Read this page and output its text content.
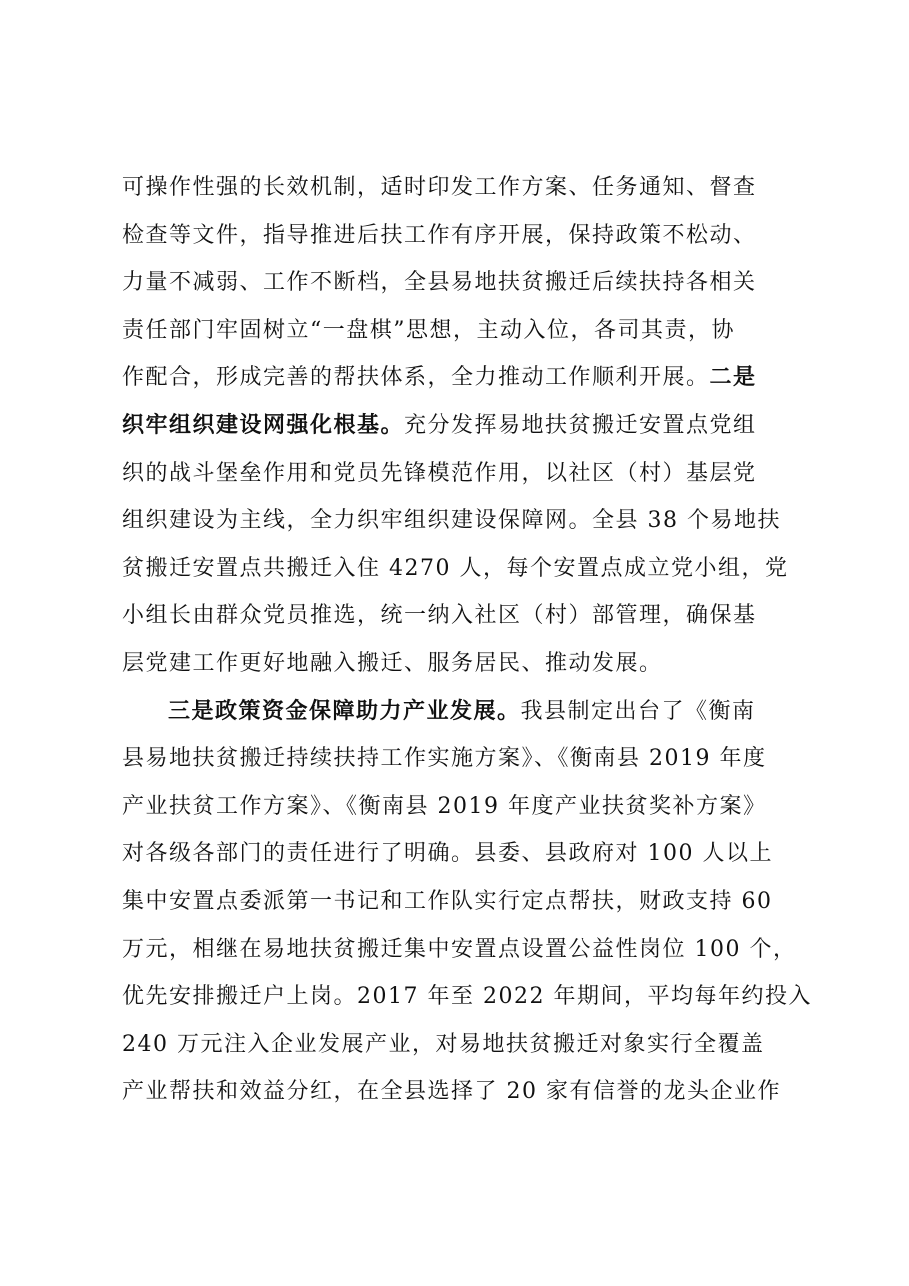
可操作性强的长效机制，适时印发工作方案、任务通知、督查
检查等文件，指导推进后扶工作有序开展，保持政策不松动、
力量不减弱、工作不断档，全县易地扶贫搬迁后续扶持各相关
责任部门牢固树立“一盘棋”思想，主动入位，各司其责，协
作配合，形成完善的帮扶体系，全力推动工作顺利开展。二是
织牢组织建设网强化根基。充分发挥易地扶贫搬迁安置点党组
织的战斗堡垒作用和党员先锋模范作用，以社区（村）基层党
组织建设为主线，全力织牢组织建设保障网。全县 38 个易地扶
贫搬迁安置点共搬迁入住 4270 人，每个安置点成立党小组，党
小组长由群众党员推选，统一纳入社区（村）部管理，确保基
层党建工作更好地融入搬迁、服务居民、推动发展。
三是政策资金保障助力产业发展。我县制定出台了《衡南
县易地扶贫搬迁持续扶持工作实施方案》、《衡南县 2019 年度
产业扶贫工作方案》、《衡南县 2019 年度产业扶贫奖补方案》
对各级各部门的责任进行了明确。县委、县政府对 100 人以上
集中安置点委派第一书记和工作队实行定点帮扶，财政支持 60
万元，相继在易地扶贫搬迁集中安置点设置公益性岗位 100 个，
优先安排搬迁户上岗。2017 年至 2022 年期间，平均每年约投入
240 万元注入企业发展产业，对易地扶贫搬迁对象实行全覆盖
产业帮扶和效益分红，在全县选择了 20 家有信誉的龙头企业作
